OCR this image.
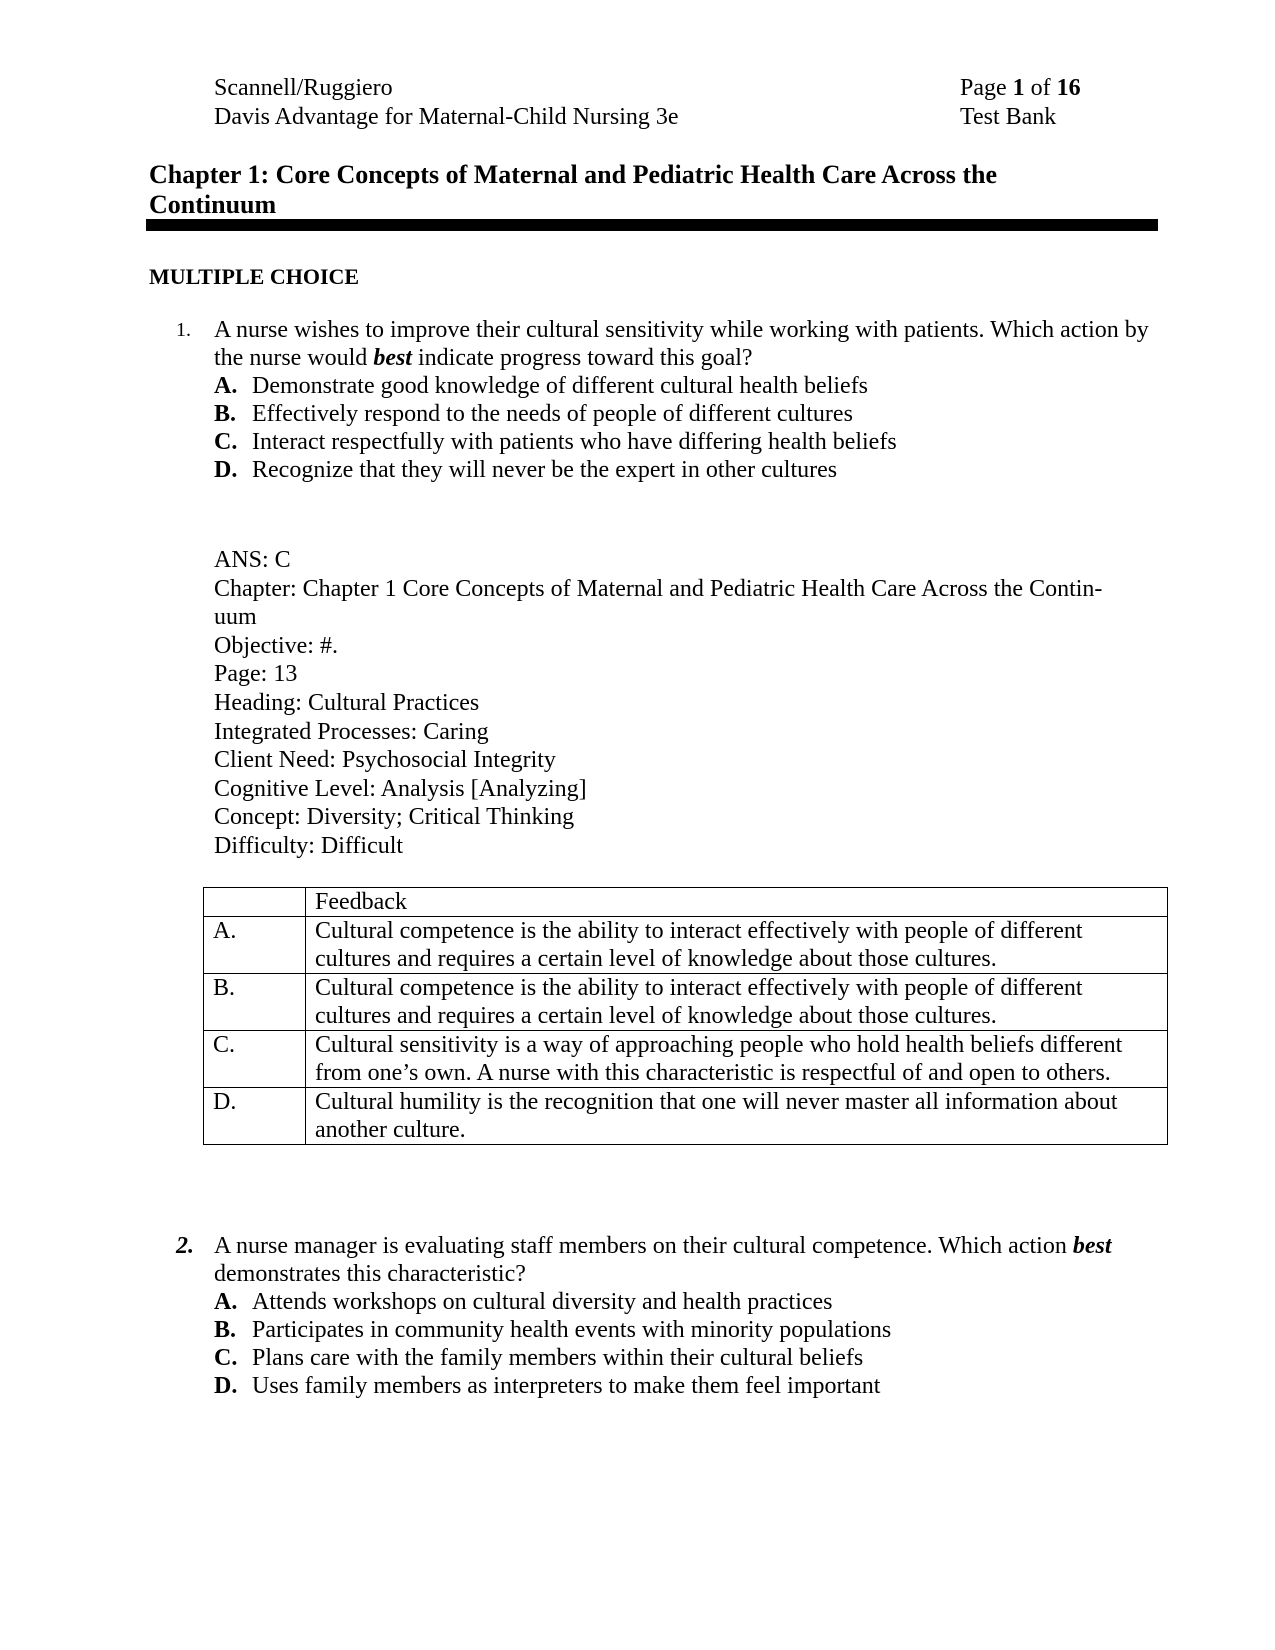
Scannell/Ruggiero
Davis Advantage for Maternal-Child Nursing 3e
Page 1 of 16
Test Bank
Chapter 1: Core Concepts of Maternal and Pediatric Health Care Across the Continuum
MULTIPLE CHOICE
1. A nurse wishes to improve their cultural sensitivity while working with patients. Which action by the nurse would best indicate progress toward this goal?
A. Demonstrate good knowledge of different cultural health beliefs
B. Effectively respond to the needs of people of different cultures
C. Interact respectfully with patients who have differing health beliefs
D. Recognize that they will never be the expert in other cultures
ANS: C
Chapter: Chapter 1 Core Concepts of Maternal and Pediatric Health Care Across the Contin-
uum
Objective: #.
Page: 13
Heading: Cultural Practices
Integrated Processes: Caring
Client Need: Psychosocial Integrity
Cognitive Level: Analysis [Analyzing]
Concept: Diversity; Critical Thinking
Difficulty: Difficult
	Feedback
A.	Cultural competence is the ability to interact effectively with people of different cultures and requires a certain level of knowledge about those cultures.
B.	Cultural competence is the ability to interact effectively with people of different cultures and requires a certain level of knowledge about those cultures.
C.	Cultural sensitivity is a way of approaching people who hold health beliefs different from one’s own. A nurse with this characteristic is respectful of and open to others.
D.	Cultural humility is the recognition that one will never master all information about another culture.
2. A nurse manager is evaluating staff members on their cultural competence. Which action best demonstrates this characteristic?
A. Attends workshops on cultural diversity and health practices
B. Participates in community health events with minority populations
C. Plans care with the family members within their cultural beliefs
D. Uses family members as interpreters to make them feel important
